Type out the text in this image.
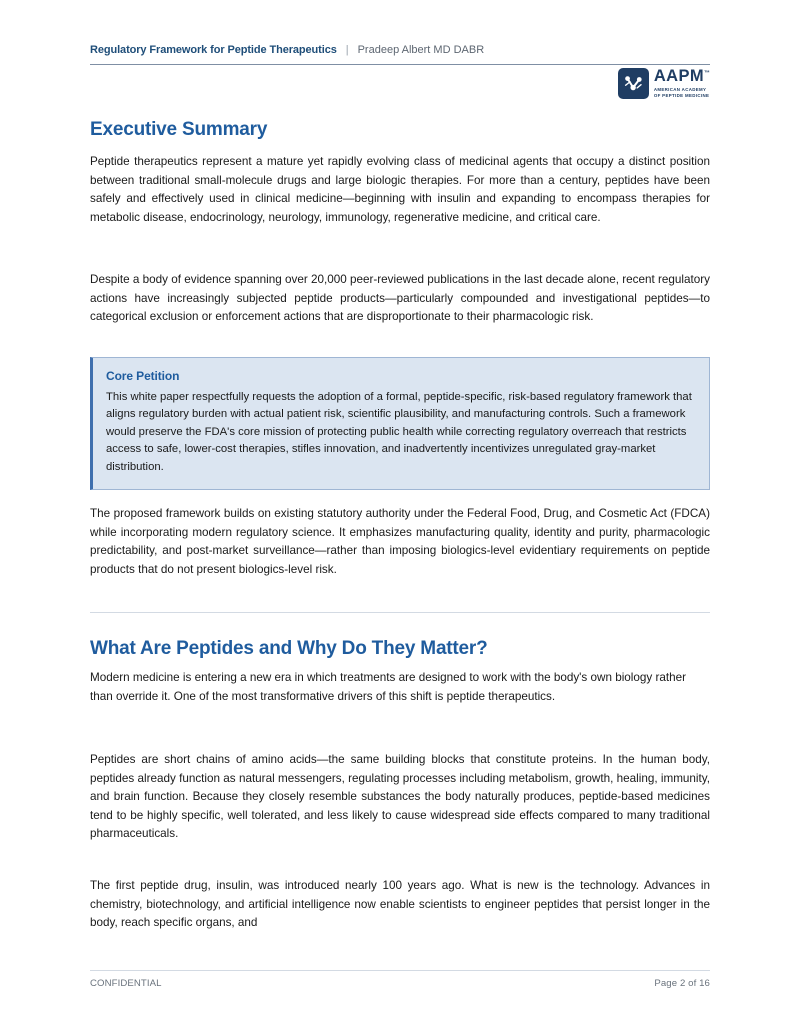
Regulatory Framework for Peptide Therapeutics | Pradeep Albert MD DABR
AAPM™
AMERICAN ACADEMY
OF PEPTIDE MEDICINE
Executive Summary

Peptide therapeutics represent a mature yet rapidly evolving class of medicinal agents that occupy a distinct position between traditional small-molecule drugs and large biologic therapies. For more than a century, peptides have been safely and effectively used in clinical medicine—beginning with insulin and expanding to encompass therapies for metabolic disease, endocrinology, neurology, immunology, regenerative medicine, and critical care.

Despite a body of evidence spanning over 20,000 peer-reviewed publications in the last decade alone, recent regulatory actions have increasingly subjected peptide products—particularly compounded and investigational peptides—to categorical exclusion or enforcement actions that are disproportionate to their pharmacologic risk.

Core Petition
This white paper respectfully requests the adoption of a formal, peptide-specific, risk-based regulatory framework that aligns regulatory burden with actual patient risk, scientific plausibility, and manufacturing controls. Such a framework would preserve the FDA's core mission of protecting public health while correcting regulatory overreach that restricts access to safe, lower-cost therapies, stifles innovation, and inadvertently incentivizes unregulated gray-market distribution.

The proposed framework builds on existing statutory authority under the Federal Food, Drug, and Cosmetic Act (FDCA) while incorporating modern regulatory science. It emphasizes manufacturing quality, identity and purity, pharmacologic predictability, and post-market surveillance—rather than imposing biologics-level evidentiary requirements on peptide products that do not present biologics-level risk.

What Are Peptides and Why Do They Matter?

Modern medicine is entering a new era in which treatments are designed to work with the body's own biology rather than override it. One of the most transformative drivers of this shift is peptide therapeutics.

Peptides are short chains of amino acids—the same building blocks that constitute proteins. In the human body, peptides already function as natural messengers, regulating processes including metabolism, growth, healing, immunity, and brain function. Because they closely resemble substances the body naturally produces, peptide-based medicines tend to be highly specific, well tolerated, and less likely to cause widespread side effects compared to many traditional pharmaceuticals.

The first peptide drug, insulin, was introduced nearly 100 years ago. What is new is the technology. Advances in chemistry, biotechnology, and artificial intelligence now enable scientists to engineer peptides that persist longer in the body, reach specific organs, and

CONFIDENTIAL	Page 2 of 16
